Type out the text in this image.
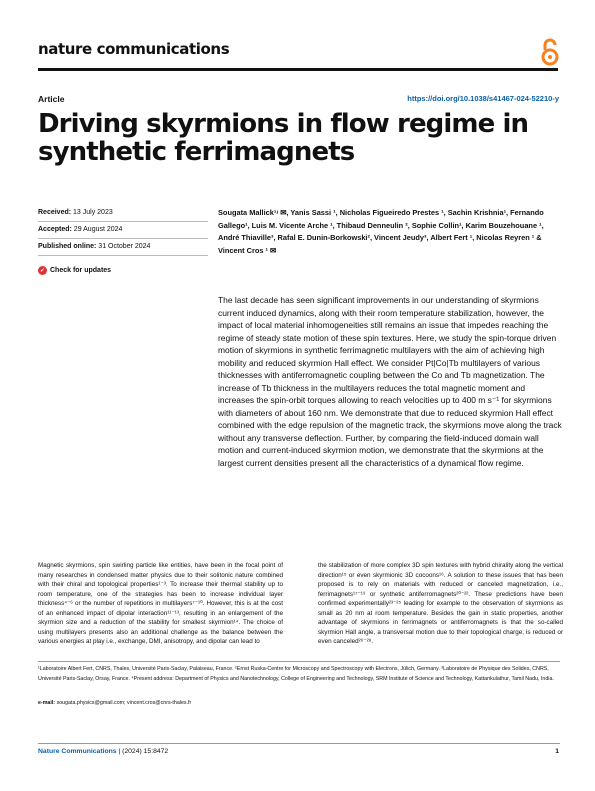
nature communications
Article	https://doi.org/10.1038/s41467-024-52210-y
Driving skyrmions in flow regime in synthetic ferrimagnets
Received: 13 July 2023
Accepted: 29 August 2024
Published online: 31 October 2024
✓ Check for updates

Sougata Mallick¹ʴ ✉, Yanis Sassi ¹, Nicholas Figueiredo Prestes ¹, Sachin Krishnia¹, Fernando Gallego¹, Luis M. Vicente Arche ¹, Thibaud Denneulin ², Sophie Collin¹, Karim Bouzehouane ¹, André Thiaville³, Rafal E. Dunin-Borkowski², Vincent Jeudy³, Albert Fert ¹, Nicolas Reyren ¹ & Vincent Cros ¹ ✉

The last decade has seen significant improvements in our understanding of skyrmions current induced dynamics, along with their room temperature stabilization, however, the impact of local material inhomogeneities still remains an issue that impedes reaching the regime of steady state motion of these spin textures. Here, we study the spin-torque driven motion of skyrmions in synthetic ferrimagnetic multilayers with the aim of achieving high mobility and reduced skyrmion Hall effect. We consider Pt|Co|Tb multilayers of various thicknesses with antiferromagnetic coupling between the Co and Tb magnetization. The increase of Tb thickness in the multilayers reduces the total magnetic moment and increases the spin-orbit torques allowing to reach velocities up to 400 m s⁻¹ for skyrmions with diameters of about 160 nm. We demonstrate that due to reduced skyrmion Hall effect combined with the edge repulsion of the magnetic track, the skyrmions move along the track without any transverse deflection. Further, by comparing the field-induced domain wall motion and current-induced skyrmion motion, we demonstrate that the skyrmions at the largest current densities present all the characteristics of a dynamical flow regime.

Magnetic skyrmions, spin swirling particle like entities, have been in the focal point of many researches in condensed matter physics due to their solitonic nature combined with their chiral and topological properties¹⁻³. To increase their thermal stability up to room temperature, one of the strategies has been to increase individual layer thickness⁴⁻⁶ or the number of repetitions in multilayers⁷⁻¹⁰. However, this is at the cost of an enhanced impact of dipolar interaction¹¹⁻¹³, resulting in an enlargement of the skyrmion size and a reduction of the stability for smallest skyrmion¹⁴. The choice of using multilayers presents also an additional challenge as the balance between the various energies at play i.e., exchange, DMI, anisotropy, and dipolar can lead to

the stabilization of more complex 3D spin textures with hybrid chirality along the vertical direction¹⁵ or even skyrmionic 3D cocoons¹⁶. A solution to these issues that has been proposed is to rely on materials with reduced or canceled magnetization, i.e., ferrimagnets¹⁷⁻¹⁹ or synthetic antiferromagnets²⁰⁻²². These predictions have been confirmed experimentally²³⁻²⁵ leading for example to the observation of skyrmions as small as 20 nm at room temperature. Besides the gain in static properties, another advantage of skyrmions in ferrimagnets or antiferromagnets is that the so-called skyrmion Hall angle, a transversal motion due to their topological charge, is reduced or even canceled²⁶⁻²⁸.

¹Laboratoire Albert Fert, CNRS, Thales, Université Paris-Saclay, Palaiseau, France. ²Ernst Ruska-Centre for Microscopy and Spectroscopy with Electrons, Jülich, Germany. ³Laboratoire de Physique des Solides, CNRS, Université Paris-Saclay, Orsay, France. ⁴Present address: Department of Physics and Nanotechnology, College of Engineering and Technology, SRM Institute of Science and Technology, Kattankulathur, Tamil Nadu, India.

e-mail: sougata.physics@gmail.com; vincent.cros@cnrs-thales.fr

Nature Communications | (2024) 15:8472	1
